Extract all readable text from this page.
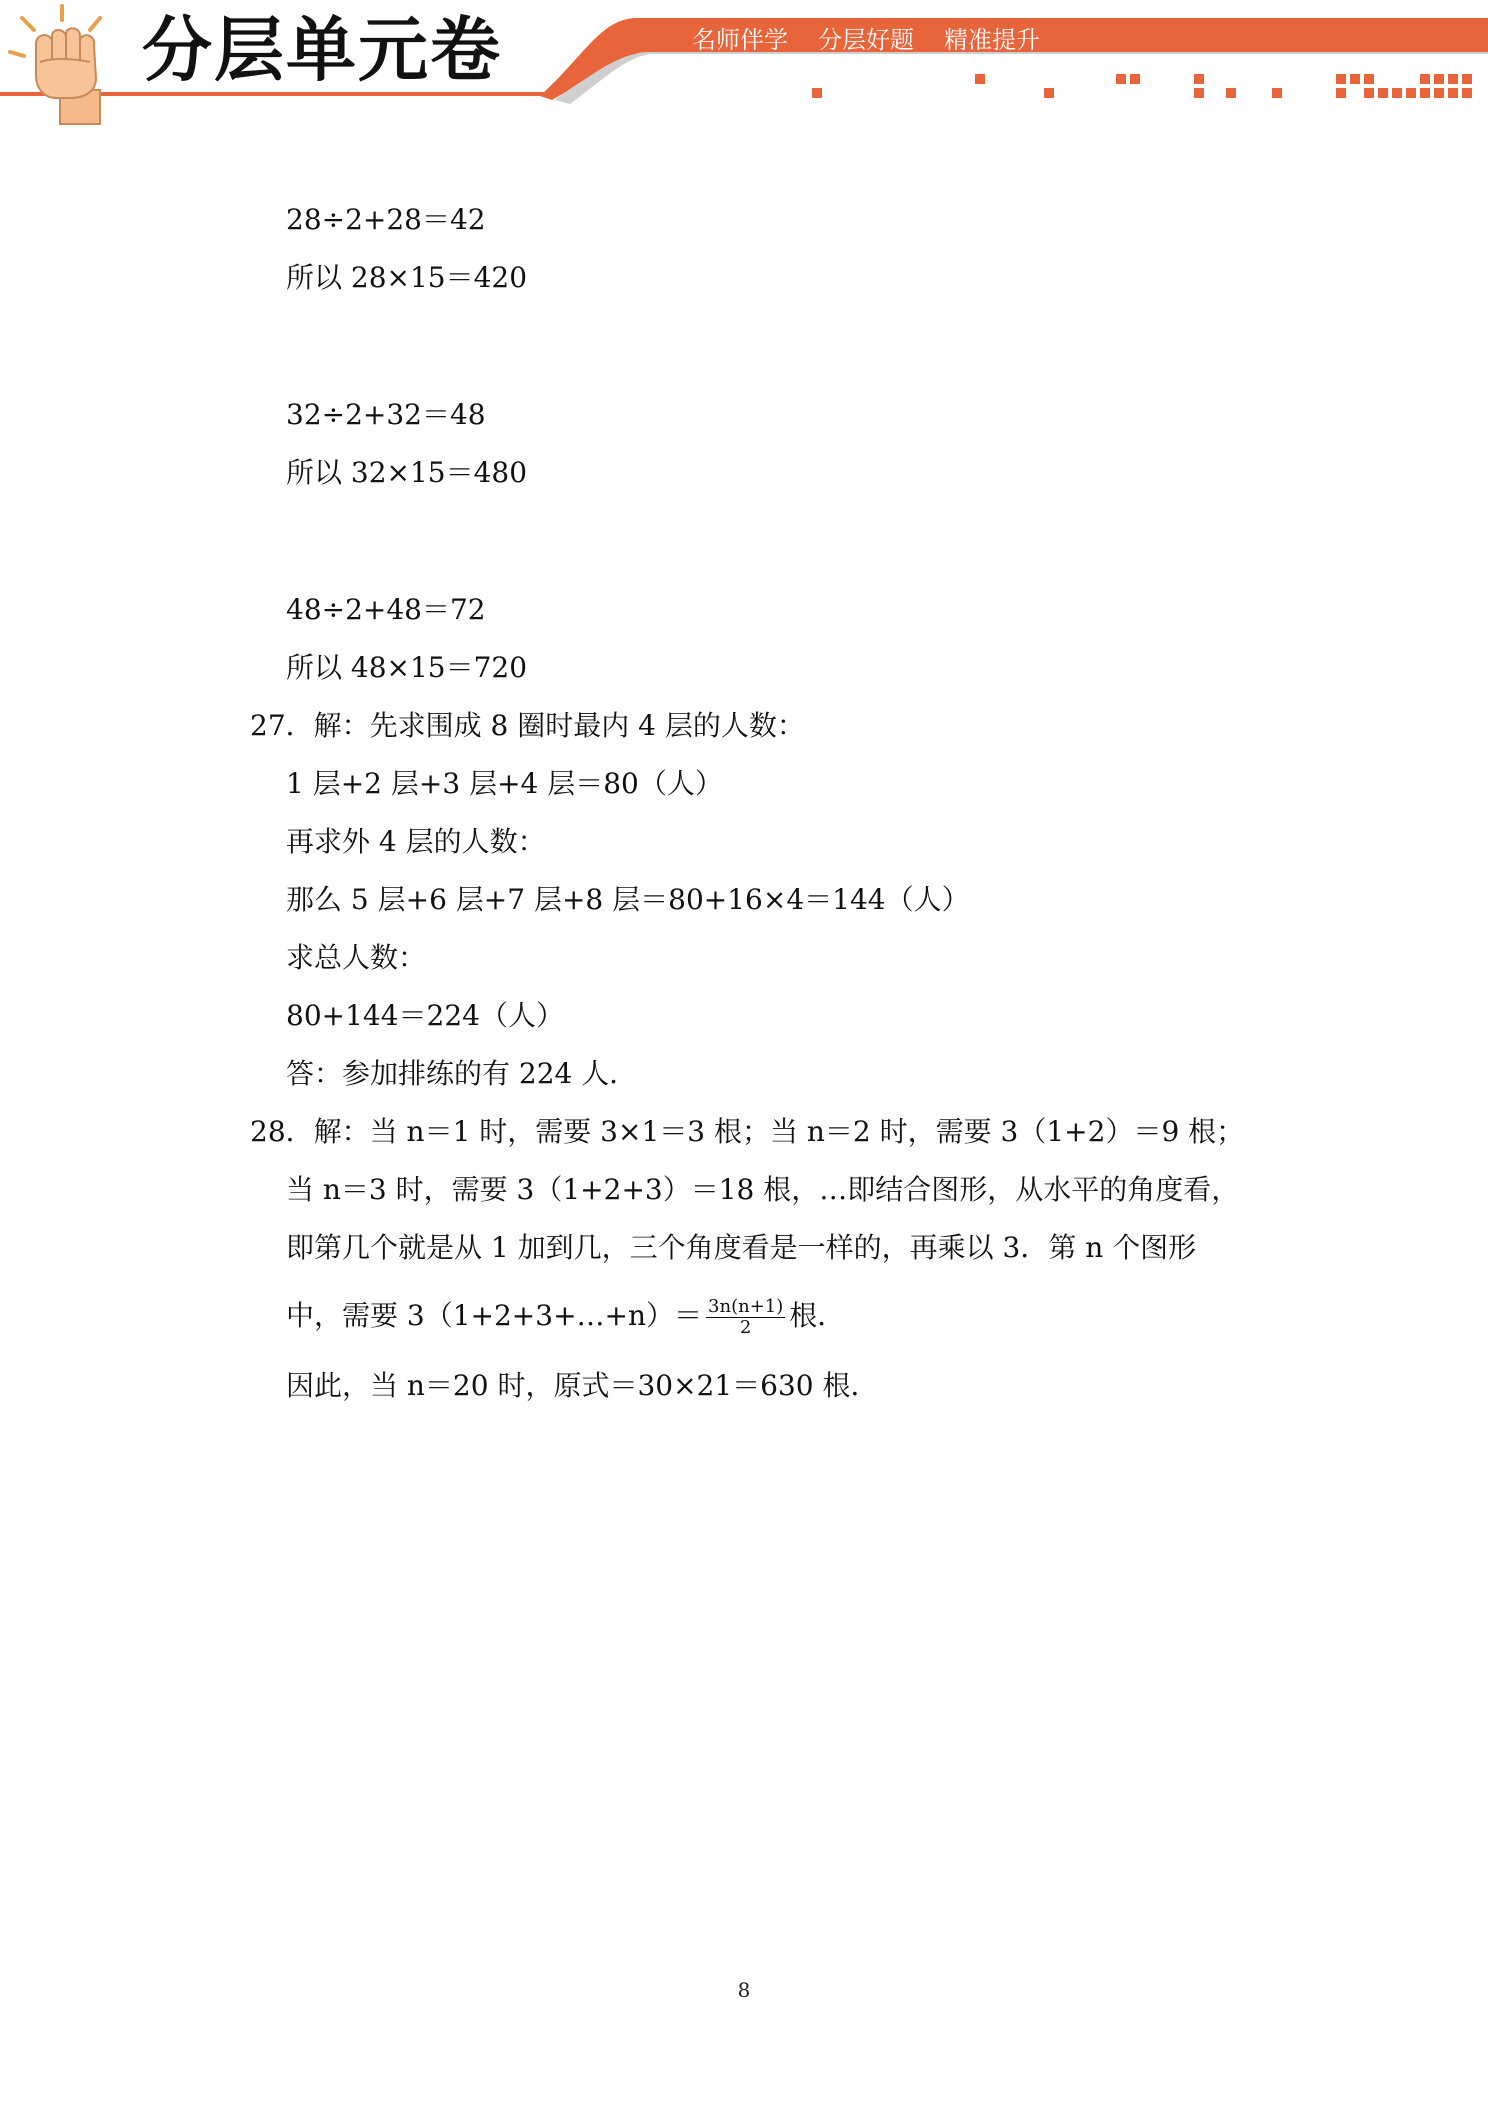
分层单元卷	名师伴学 分层好题 精准提升
28÷2+28＝42
所以 28×15＝420
32÷2+32＝48
所以 32×15＝480
48÷2+48＝72
所以 48×15＝720
27．解：先求围成 8 圈时最内 4 层的人数：
1 层+2 层+3 层+4 层＝80（人）
再求外 4 层的人数：
那么 5 层+6 层+7 层+8 层＝80+16×4＝144（人）
求总人数：
80+144＝224（人）
答：参加排练的有 224 人．
28．解：当 n＝1 时，需要 3×1＝3 根；当 n＝2 时，需要 3（1+2）＝9 根；
当 n＝3 时，需要 3（1+2+3）＝18 根，…即结合图形，从水平的角度看，
即第几个就是从 1 加到几，三个角度看是一样的，再乘以 3．第 n 个图形
中，需要 3（1+2+3+…+n）＝ $\frac{3n(n+1)}{2}$ 根．
因此，当 n＝20 时，原式＝30×21＝630 根．
8
